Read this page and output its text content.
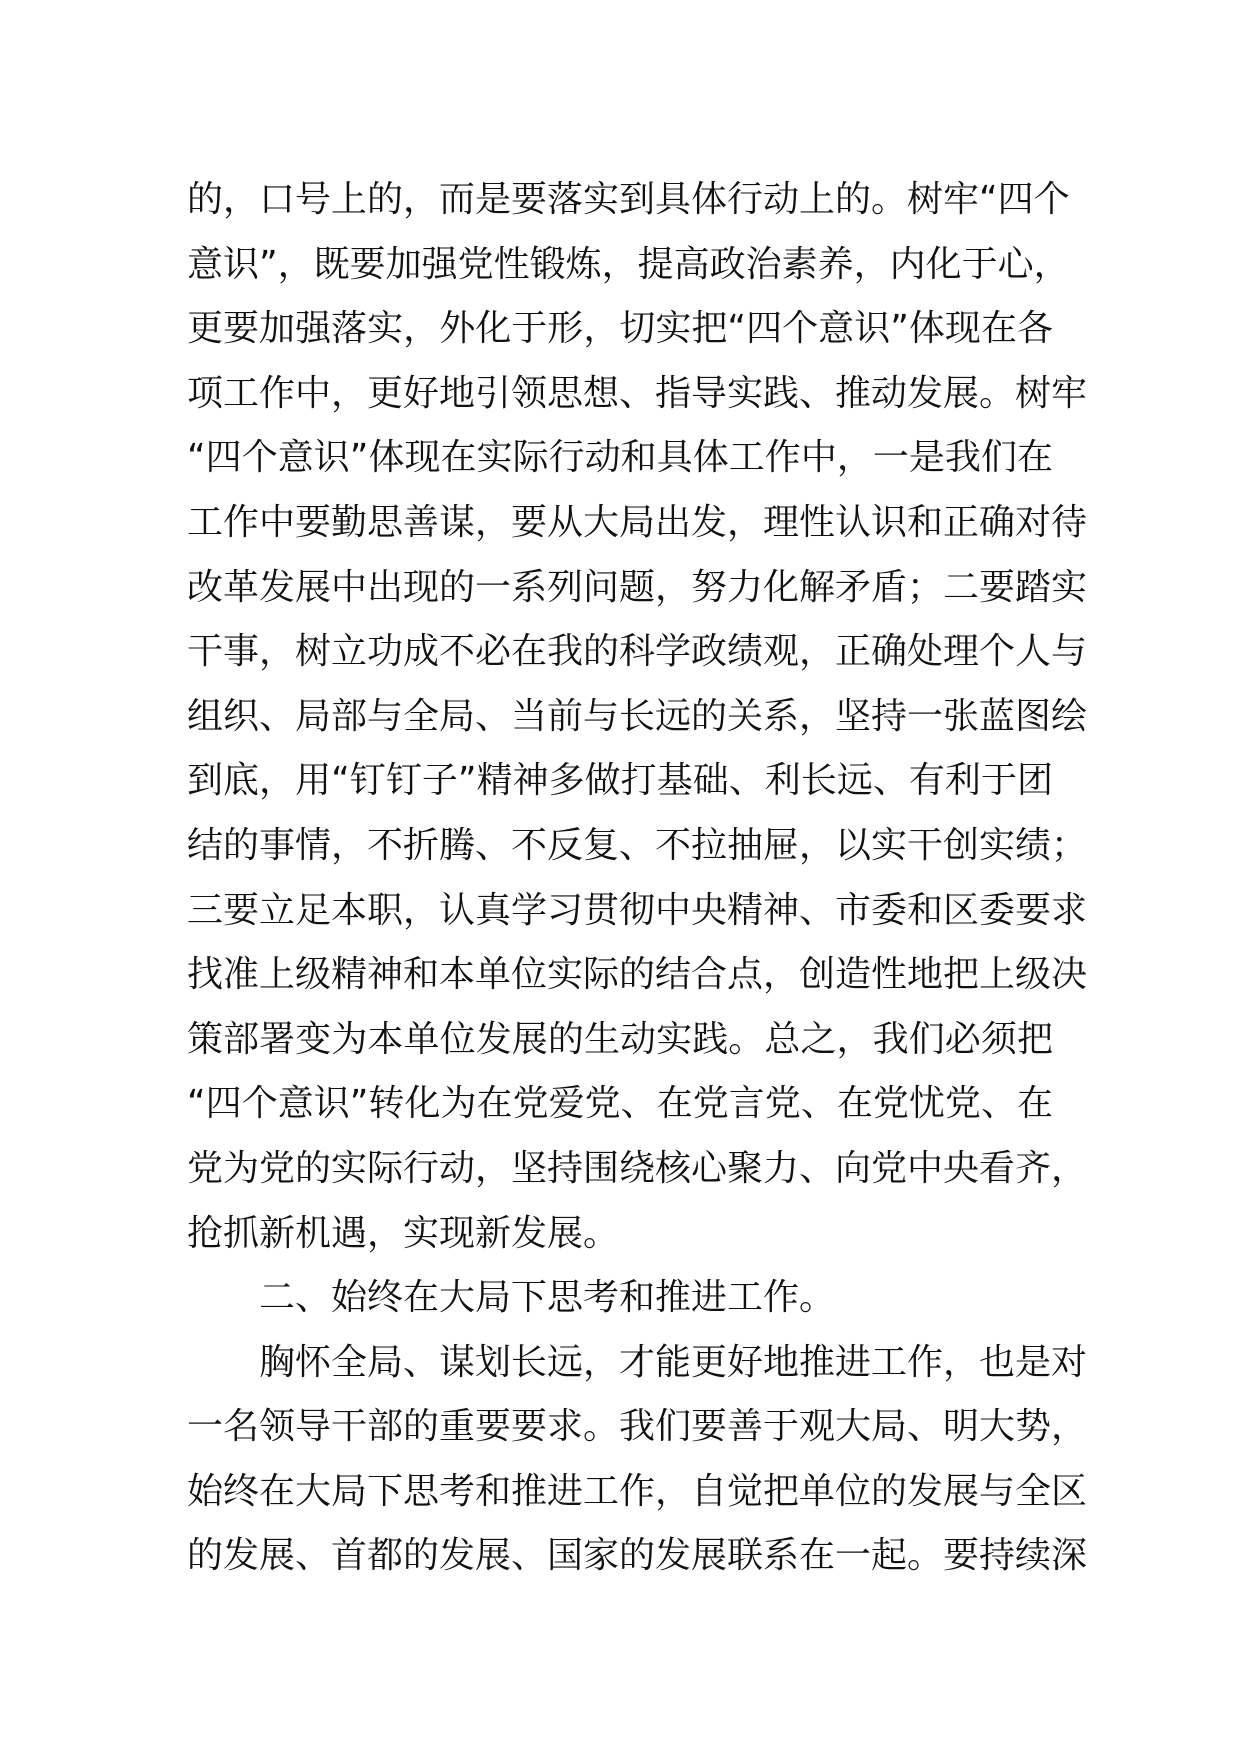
的，口号上的，而是要落实到具体行动上的。树牢“四个
意识”，既要加强党性锻炼，提高政治素养，内化于心，
更要加强落实，外化于形，切实把“四个意识”体现在各
项工作中，更好地引领思想、指导实践、推动发展。树牢
“四个意识”体现在实际行动和具体工作中，一是我们在
工作中要勤思善谋，要从大局出发，理性认识和正确对待
改革发展中出现的一系列问题，努力化解矛盾；二要踏实
干事，树立功成不必在我的科学政绩观，正确处理个人与
组织、局部与全局、当前与长远的关系，坚持一张蓝图绘
到底，用“钉钉子”精神多做打基础、利长远、有利于团
结的事情，不折腾、不反复、不拉抽屉，以实干创实绩；
三要立足本职，认真学习贯彻中央精神、市委和区委要求
找准上级精神和本单位实际的结合点，创造性地把上级决
策部署变为本单位发展的生动实践。总之，我们必须把
“四个意识”转化为在党爱党、在党言党、在党忧党、在
党为党的实际行动，坚持围绕核心聚力、向党中央看齐，
抢抓新机遇，实现新发展。
二、始终在大局下思考和推进工作。
胸怀全局、谋划长远，才能更好地推进工作，也是对
一名领导干部的重要要求。我们要善于观大局、明大势，
始终在大局下思考和推进工作，自觉把单位的发展与全区
的发展、首都的发展、国家的发展联系在一起。要持续深
